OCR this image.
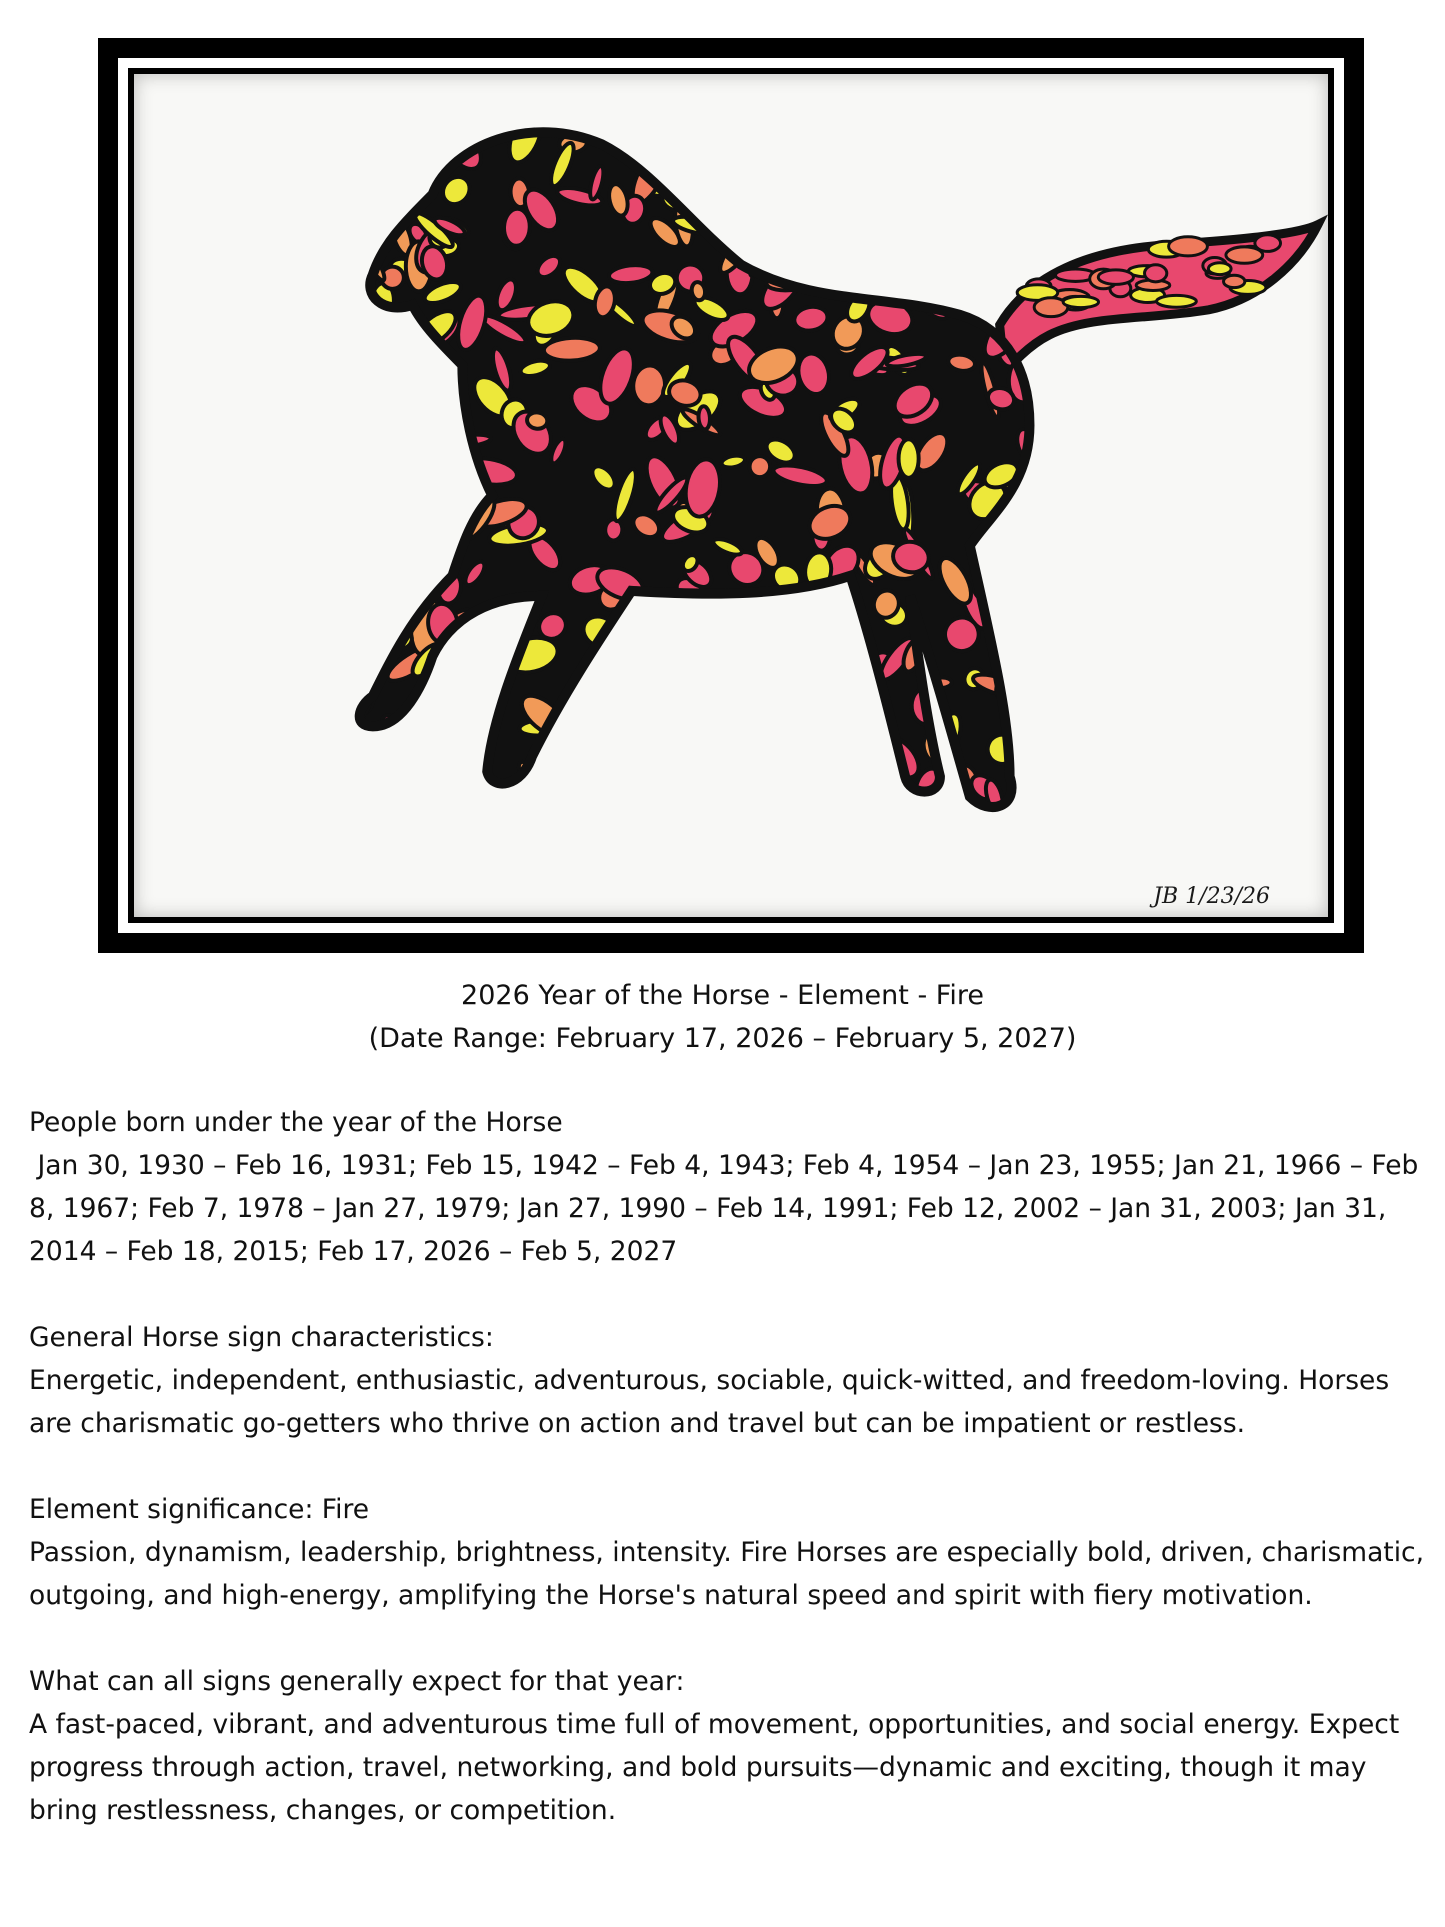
JB 1/23/26
2026 Year of the Horse - Element - Fire
(Date Range: February 17, 2026 – February 5, 2027)

People born under the year of the Horse
Jan 30, 1930 – Feb 16, 1931; Feb 15, 1942 – Feb 4, 1943; Feb 4, 1954 – Jan 23, 1955; Jan 21, 1966 – Feb 8, 1967; Feb 7, 1978 – Jan 27, 1979; Jan 27, 1990 – Feb 14, 1991; Feb 12, 2002 – Jan 31, 2003; Jan 31, 2014 – Feb 18, 2015; Feb 17, 2026 – Feb 5, 2027

General Horse sign characteristics:
Energetic, independent, enthusiastic, adventurous, sociable, quick-witted, and freedom-loving. Horses are charismatic go-getters who thrive on action and travel but can be impatient or restless.

Element significance: Fire
Passion, dynamism, leadership, brightness, intensity. Fire Horses are especially bold, driven, charismatic, outgoing, and high-energy, amplifying the Horse's natural speed and spirit with fiery motivation.

What can all signs generally expect for that year:
A fast-paced, vibrant, and adventurous time full of movement, opportunities, and social energy. Expect progress through action, travel, networking, and bold pursuits—dynamic and exciting, though it may bring restlessness, changes, or competition.
